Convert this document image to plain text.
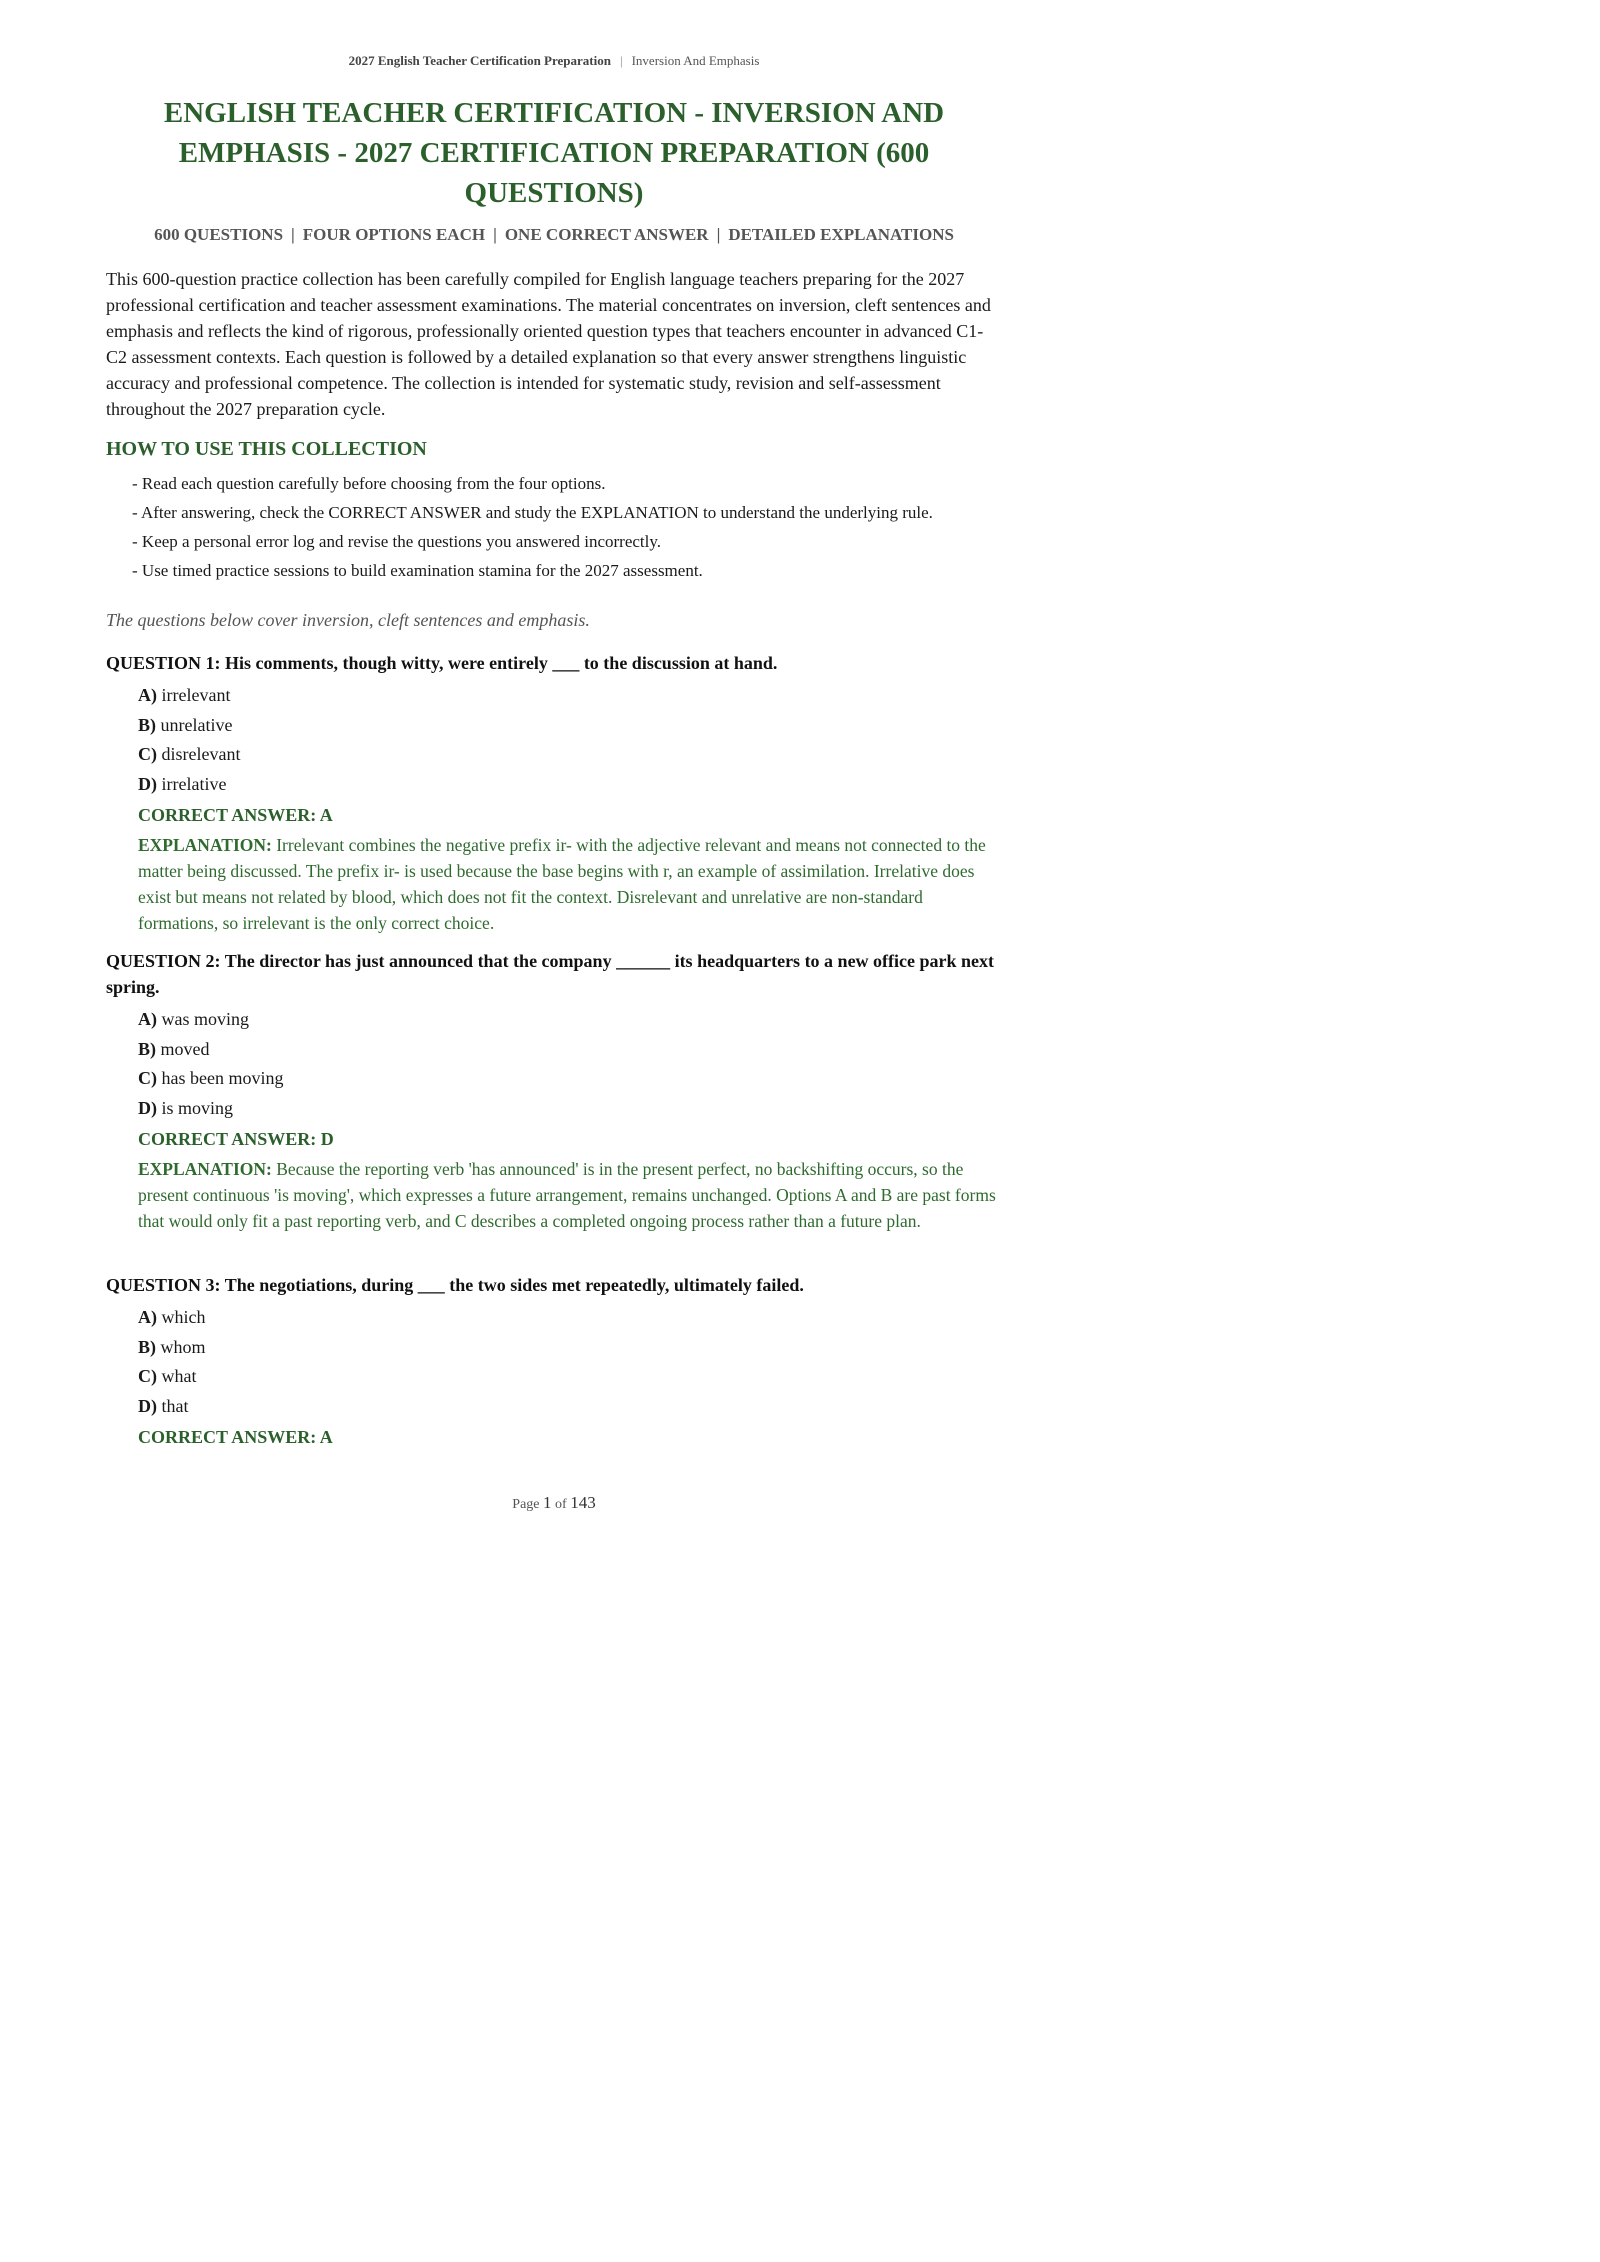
2027 English Teacher Certification Preparation | Inversion And Emphasis
ENGLISH TEACHER CERTIFICATION - INVERSION AND EMPHASIS - 2027 CERTIFICATION PREPARATION (600 QUESTIONS)
600 QUESTIONS | FOUR OPTIONS EACH | ONE CORRECT ANSWER | DETAILED EXPLANATIONS

This 600-question practice collection has been carefully compiled for English language teachers preparing for the 2027 professional certification and teacher assessment examinations. The material concentrates on inversion, cleft sentences and emphasis and reflects the kind of rigorous, professionally oriented question types that teachers encounter in advanced C1-C2 assessment contexts. Each question is followed by a detailed explanation so that every answer strengthens linguistic accuracy and professional competence. The collection is intended for systematic study, revision and self-assessment throughout the 2027 preparation cycle.

HOW TO USE THIS COLLECTION
- Read each question carefully before choosing from the four options.
- After answering, check the CORRECT ANSWER and study the EXPLANATION to understand the underlying rule.
- Keep a personal error log and revise the questions you answered incorrectly.
- Use timed practice sessions to build examination stamina for the 2027 assessment.
The questions below cover inversion, cleft sentences and emphasis.

QUESTION 1: His comments, though witty, were entirely ___ to the discussion at hand.

A) irrelevant
B) unrelative
C) disrelevant
D) irrelative
CORRECT ANSWER: A
EXPLANATION: Irrelevant combines the negative prefix ir- with the adjective relevant and means not connected to the matter being discussed. The prefix ir- is used because the base begins with r, an example of assimilation. Irrelative does exist but means not related by blood, which does not fit the context. Disrelevant and unrelative are non-standard formations, so irrelevant is the only correct choice.

QUESTION 2: The director has just announced that the company ______ its headquarters to a new office park next spring.

A) was moving
B) moved
C) has been moving
D) is moving
CORRECT ANSWER: D
EXPLANATION: Because the reporting verb 'has announced' is in the present perfect, no backshifting occurs, so the present continuous 'is moving', which expresses a future arrangement, remains unchanged. Options A and B are past forms that would only fit a past reporting verb, and C describes a completed ongoing process rather than a future plan.

QUESTION 3: The negotiations, during ___ the two sides met repeatedly, ultimately failed.

A) which
B) whom
C) what
D) that
CORRECT ANSWER: A
Page 1 of 143
